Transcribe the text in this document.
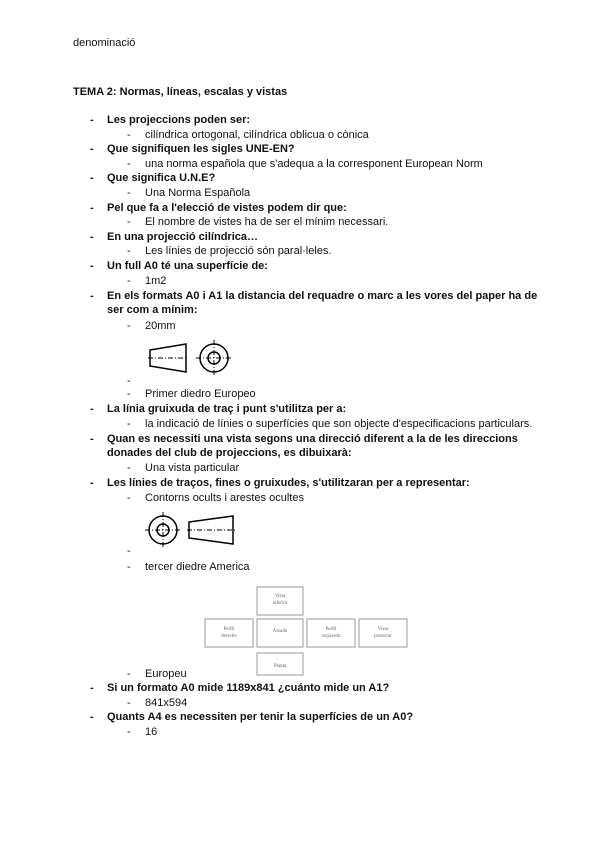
denominació
TEMA 2: Normas, líneas, escalas y vistas
- Les projeccions poden ser:
- cilíndrica ortogonal, cilíndrica oblicua o cònica
- Que signifiquen les sigles UNE-EN?
- una norma española que s'adequa a la corresponent European Norm
- Que significa U.N.E?
- Una Norma Española
- Pel que fa a l'elecció de vistes podem dir que:
- El nombre de vistes ha de ser el mínim necessari.
- En una projecció cilíndrica…
- Les línies de projecció són paral·leles.
- Un full A0 té una superfície de:
- 1m2
- En els formats A0 i A1 la distancia del requadre o marc a les vores del paper ha de
ser com a mínim:
- 20mm
-
- Primer diedro Europeo
- La línia gruixuda de traç i punt s'utilitza per a:
- la indicació de línies o superfícies que son objecte d'especificacions particulars.
- Quan es necessiti una vista segons una direcció diferent a la de les direccions
donades del club de projeccions, es dibuixarà:
- Una vista particular
- Les línies de traços, fines o gruixudes, s'utilitzaran per a representar:
- Contorns ocults i arestes ocultes
-
- tercer diedre America
Vista
inferior
Perfil
derecho
Alzado	Perfil
izquierdo
Vista
posterior
Planta
- Europeu
- Si un formato A0 mide 1189x841 ¿cuánto mide un A1?
- 841x594
- Quants A4 es necessiten per tenir la superfícies de un A0?
- 16
